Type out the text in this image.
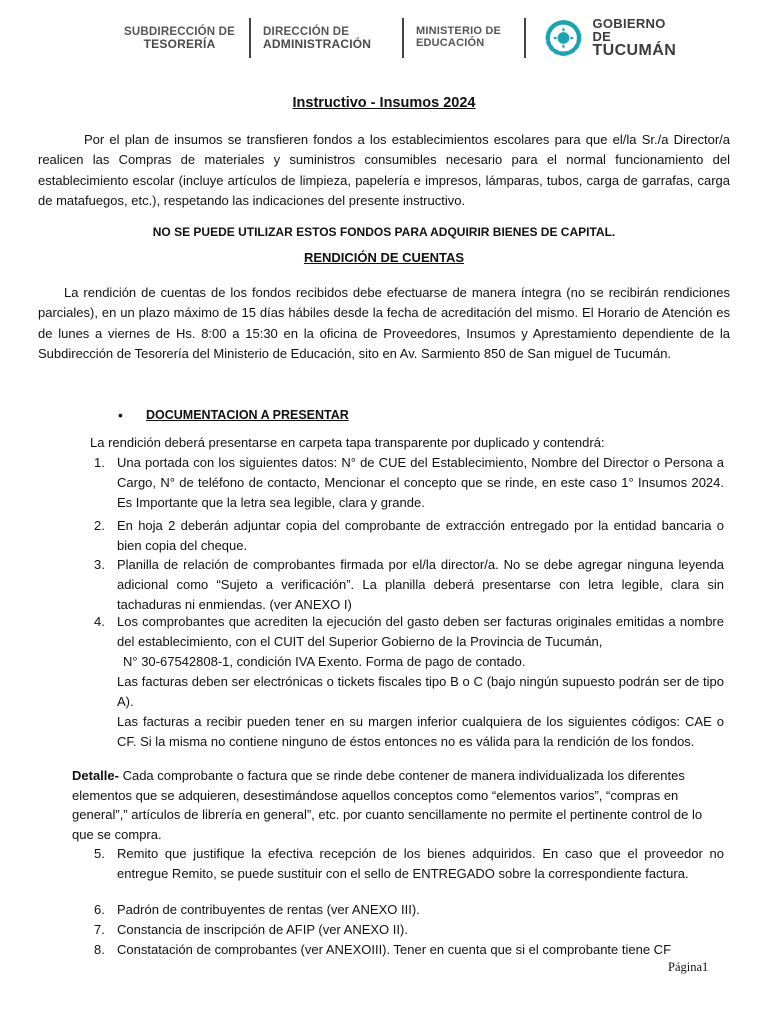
SUBDIRECCIÓN DE
TESORERÍA
DIRECCIÓN DE
ADMINISTRACIÓN
MINISTERIO DE
EDUCACIÓN
GOBIERNO DE
TUCUMÁN
Instructivo - Insumos 2024
Por el plan de insumos se transfieren fondos a los establecimientos escolares para que el/la Sr./a Director/a realicen las Compras de materiales y suministros consumibles necesario para el normal funcionamiento del establecimiento escolar (incluye artículos de limpieza, papelería e impresos, lámparas, tubos, carga de garrafas, carga de matafuegos, etc.), respetando las indicaciones del presente instructivo.
NO SE PUEDE UTILIZAR ESTOS FONDOS PARA ADQUIRIR BIENES DE CAPITAL.
RENDICIÓN DE CUENTAS
La rendición de cuentas de los fondos recibidos debe efectuarse de manera íntegra (no se recibirán rendiciones parciales), en un plazo máximo de 15 días hábiles desde la fecha de acreditación del mismo. El Horario de Atención es de lunes a viernes de Hs. 8:00 a 15:30 en la oficina de Proveedores, Insumos y Aprestamiento dependiente de la Subdirección de Tesorería del Ministerio de Educación, sito en Av. Sarmiento 850 de San miguel de Tucumán.
• DOCUMENTACION A PRESENTAR
La rendición deberá presentarse en carpeta tapa transparente por duplicado y contendrá:
1. Una portada con los siguientes datos: N° de CUE del Establecimiento, Nombre del Director o Persona a Cargo, N° de teléfono de contacto, Mencionar el concepto que se rinde, en este caso 1° Insumos 2024. Es Importante que la letra sea legible, clara y grande.
2. En hoja 2 deberán adjuntar copia del comprobante de extracción entregado por la entidad bancaria o bien copia del cheque.
3. Planilla de relación de comprobantes firmada por el/la director/a. No se debe agregar ninguna leyenda adicional como “Sujeto a verificación”. La planilla deberá presentarse con letra legible, clara sin tachaduras ni enmiendas. (ver ANEXO I)
4. Los comprobantes que acrediten la ejecución del gasto deben ser facturas originales emitidas a nombre del establecimiento, con el CUIT del Superior Gobierno de la Provincia de Tucumán,

N° 30-67542808-1, condición IVA Exento. Forma de pago de contado.

Las facturas deben ser electrónicas o tickets fiscales tipo B o C (bajo ningún supuesto podrán ser de tipo A).

Las facturas a recibir pueden tener en su margen inferior cualquiera de los siguientes códigos: CAE o CF. Si la misma no contiene ninguno de éstos entonces no es válida para la rendición de los fondos.

Detalle- Cada comprobante o factura que se rinde debe contener de manera individualizada los diferentes elementos que se adquieren, desestimándose aquellos conceptos como “elementos varios”, “compras en general”,” artículos de librería en general”, etc. por cuanto sencillamente no permite el pertinente control de lo que se compra.
5. Remito que justifique la efectiva recepción de los bienes adquiridos. En caso que el proveedor no entregue Remito, se puede sustituir con el sello de ENTREGADO sobre la correspondiente factura.
6. Padrón de contribuyentes de rentas (ver ANEXO III).
7. Constancia de inscripción de AFIP (ver ANEXO II).
8. Constatación de comprobantes (ver ANEXOIII). Tener en cuenta que si el comprobante tiene CF
Página1
